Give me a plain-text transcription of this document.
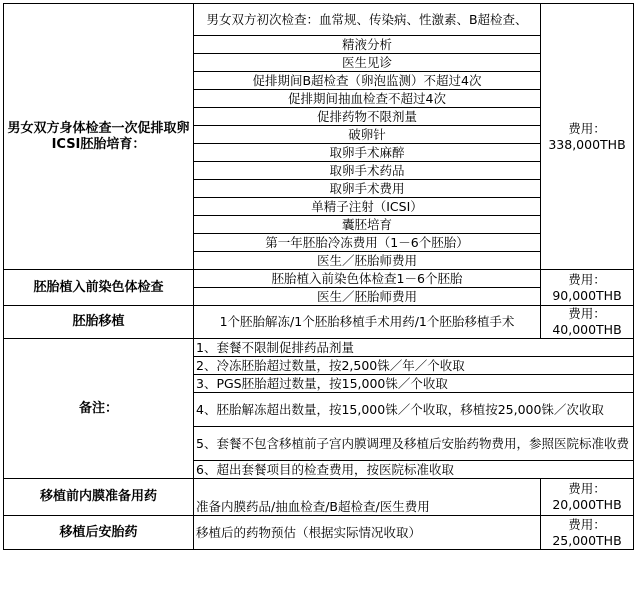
男女双方身体检查一次促排取卵ICSI胚胎培育：	男女双方初次检查：血常规、传染病、性激素、B超检查、	费用：
338,000THB

	精液分析	
	医生见诊	
	促排期间B超检查（卵泡监测）不超过4次	
	促排期间抽血检查不超过4次	
	促排药物不限剂量	
	破卵针	
	取卵手术麻醉	
	取卵手术药品	
	取卵手术费用	
	单精子注射（ICSI）	
	囊胚培育	
	第一年胚胎冷冻费用（1－6个胚胎）	
	医生／胚胎师费用	
胚胎植入前染色体检查	胚胎植入前染色体检查1－6个胚胎	费用：
90,000THB

	医生／胚胎师费用	
胚胎移植	1个胚胎解冻/1个胚胎移植手术用药/1个胚胎移植手术	费用：
40,000THB

备注：	1、套餐不限制促排药品剂量	
	2、冷冻胚胎超过数量，按2,500铢／年／个收取	
	3、PGS胚胎超过数量，按15,000铢／个收取	
	4、胚胎解冻超出数量，按15,000铢／个收取，移植按25,000铢／次收取	
	5、套餐不包含移植前子宫内膜调理及移植后安胎药物费用，参照医院标准收费	
	6、超出套餐项目的检查费用，按医院标准收取	
移植前内膜准备用药	准备内膜药品/抽血检查/B超检查/医生费用	费用：
20,000THB

移植后安胎药	移植后的药物预估（根据实际情况收取）	费用：
25,000THB
